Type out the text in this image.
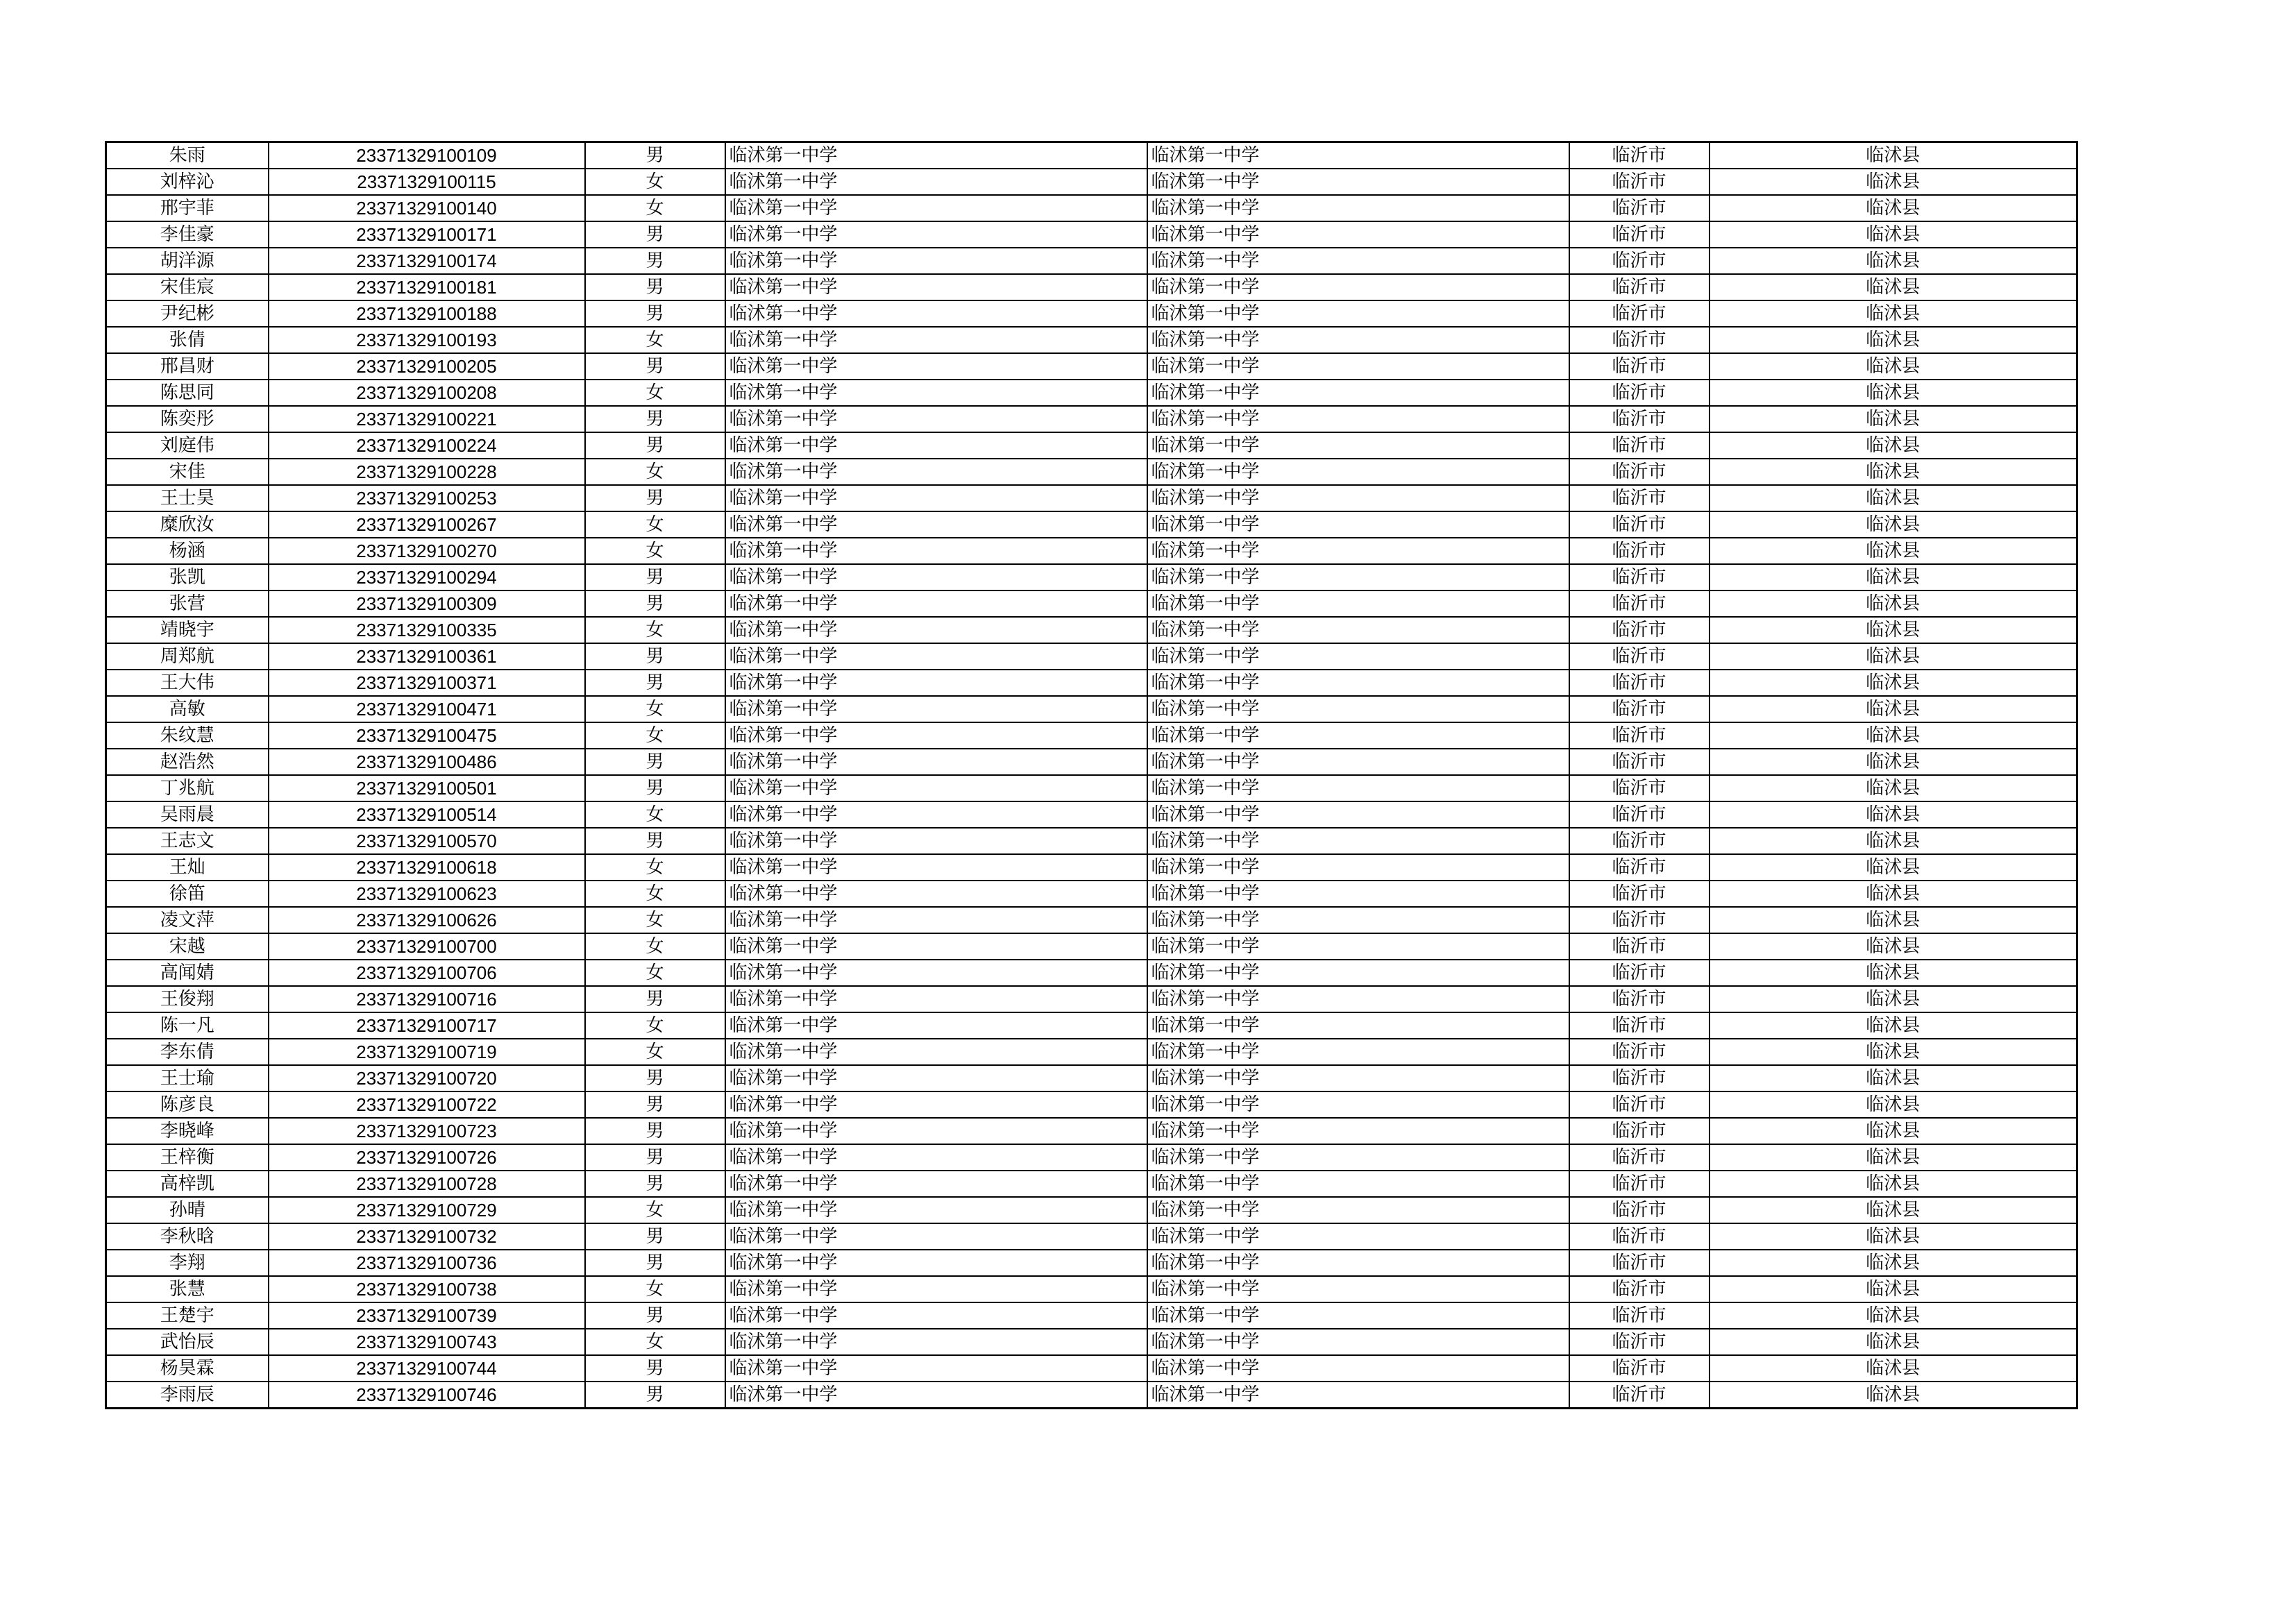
朱雨	23371329100109	男	临沭第一中学	临沭第一中学	临沂市	临沭县
刘梓沁	23371329100115	女	临沭第一中学	临沭第一中学	临沂市	临沭县
邢宇菲	23371329100140	女	临沭第一中学	临沭第一中学	临沂市	临沭县
李佳豪	23371329100171	男	临沭第一中学	临沭第一中学	临沂市	临沭县
胡洋源	23371329100174	男	临沭第一中学	临沭第一中学	临沂市	临沭县
宋佳宸	23371329100181	男	临沭第一中学	临沭第一中学	临沂市	临沭县
尹纪彬	23371329100188	男	临沭第一中学	临沭第一中学	临沂市	临沭县
张倩	23371329100193	女	临沭第一中学	临沭第一中学	临沂市	临沭县
邢昌财	23371329100205	男	临沭第一中学	临沭第一中学	临沂市	临沭县
陈思同	23371329100208	女	临沭第一中学	临沭第一中学	临沂市	临沭县
陈奕彤	23371329100221	男	临沭第一中学	临沭第一中学	临沂市	临沭县
刘庭伟	23371329100224	男	临沭第一中学	临沭第一中学	临沂市	临沭县
宋佳	23371329100228	女	临沭第一中学	临沭第一中学	临沂市	临沭县
王士昊	23371329100253	男	临沭第一中学	临沭第一中学	临沂市	临沭县
糜欣汝	23371329100267	女	临沭第一中学	临沭第一中学	临沂市	临沭县
杨涵	23371329100270	女	临沭第一中学	临沭第一中学	临沂市	临沭县
张凯	23371329100294	男	临沭第一中学	临沭第一中学	临沂市	临沭县
张营	23371329100309	男	临沭第一中学	临沭第一中学	临沂市	临沭县
靖晓宇	23371329100335	女	临沭第一中学	临沭第一中学	临沂市	临沭县
周郑航	23371329100361	男	临沭第一中学	临沭第一中学	临沂市	临沭县
王大伟	23371329100371	男	临沭第一中学	临沭第一中学	临沂市	临沭县
高敏	23371329100471	女	临沭第一中学	临沭第一中学	临沂市	临沭县
朱纹慧	23371329100475	女	临沭第一中学	临沭第一中学	临沂市	临沭县
赵浩然	23371329100486	男	临沭第一中学	临沭第一中学	临沂市	临沭县
丁兆航	23371329100501	男	临沭第一中学	临沭第一中学	临沂市	临沭县
吴雨晨	23371329100514	女	临沭第一中学	临沭第一中学	临沂市	临沭县
王志文	23371329100570	男	临沭第一中学	临沭第一中学	临沂市	临沭县
王灿	23371329100618	女	临沭第一中学	临沭第一中学	临沂市	临沭县
徐笛	23371329100623	女	临沭第一中学	临沭第一中学	临沂市	临沭县
凌文萍	23371329100626	女	临沭第一中学	临沭第一中学	临沂市	临沭县
宋越	23371329100700	女	临沭第一中学	临沭第一中学	临沂市	临沭县
高闻婧	23371329100706	女	临沭第一中学	临沭第一中学	临沂市	临沭县
王俊翔	23371329100716	男	临沭第一中学	临沭第一中学	临沂市	临沭县
陈一凡	23371329100717	女	临沭第一中学	临沭第一中学	临沂市	临沭县
李东倩	23371329100719	女	临沭第一中学	临沭第一中学	临沂市	临沭县
王士瑜	23371329100720	男	临沭第一中学	临沭第一中学	临沂市	临沭县
陈彦良	23371329100722	男	临沭第一中学	临沭第一中学	临沂市	临沭县
李晓峰	23371329100723	男	临沭第一中学	临沭第一中学	临沂市	临沭县
王梓衡	23371329100726	男	临沭第一中学	临沭第一中学	临沂市	临沭县
高梓凯	23371329100728	男	临沭第一中学	临沭第一中学	临沂市	临沭县
孙晴	23371329100729	女	临沭第一中学	临沭第一中学	临沂市	临沭县
李秋晗	23371329100732	男	临沭第一中学	临沭第一中学	临沂市	临沭县
李翔	23371329100736	男	临沭第一中学	临沭第一中学	临沂市	临沭县
张慧	23371329100738	女	临沭第一中学	临沭第一中学	临沂市	临沭县
王楚宇	23371329100739	男	临沭第一中学	临沭第一中学	临沂市	临沭县
武怡辰	23371329100743	女	临沭第一中学	临沭第一中学	临沂市	临沭县
杨昊霖	23371329100744	男	临沭第一中学	临沭第一中学	临沂市	临沭县
李雨辰	23371329100746	男	临沭第一中学	临沭第一中学	临沂市	临沭县
